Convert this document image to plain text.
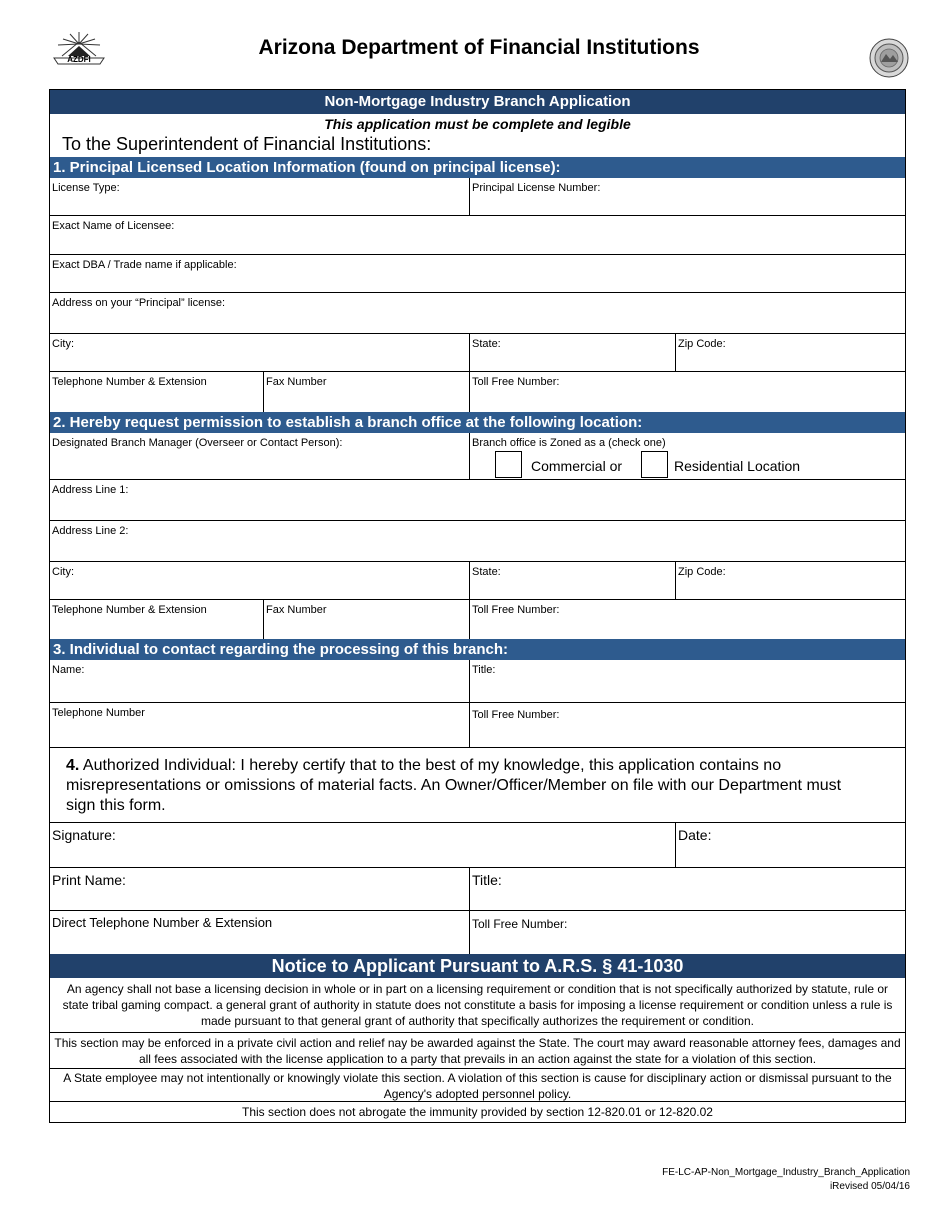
AZDFI
Arizona Department of Financial Institutions
Non-Mortgage Industry Branch Application
This application must be complete and legible
To the Superintendent of Financial Institutions:
1. Principal Licensed Location Information (found on principal license):
License Type:	Principal License Number:
Exact Name of Licensee:
Exact DBA / Trade name if applicable:
Address on your “Principal” license:
City:	State:	Zip Code:
Telephone Number & Extension	Fax Number	Toll Free Number:
2. Hereby request permission to establish a branch office at the following location:
Designated Branch Manager (Overseer or Contact Person):	Branch office is Zoned as a (check one)
Commercial or	Residential Location
Address Line 1:
Address Line 2:
City:	State:	Zip Code:
Telephone Number & Extension	Fax Number	Toll Free Number:
3. Individual to contact regarding the processing of this branch:
Name:	Title:
Telephone Number	Toll Free Number:
4. Authorized Individual: I hereby certify that to the best of my knowledge, this application contains no misrepresentations or omissions of material facts. An Owner/Officer/Member on file with our Department must sign this form.
Signature:	Date:
Print Name:	Title:
Direct Telephone Number & Extension	Toll Free Number:
Notice to Applicant Pursuant to A.R.S. § 41-1030
An agency shall not base a licensing decision in whole or in part on a licensing requirement or condition that is not specifically authorized by statute, rule or state tribal gaming compact. a general grant of authority in statute does not constitute a basis for imposing a license requirement or condition unless a rule is made pursuant to that general grant of authority that specifically authorizes the requirement or condition.
This section may be enforced in a private civil action and relief nay be awarded against the State. The court may award reasonable attorney fees, damages and all fees associated with the license application to a party that prevails in an action against the state for a violation of this section.
A State employee may not intentionally or knowingly violate this section. A violation of this section is cause for disciplinary action or dismissal pursuant to the Agency's adopted personnel policy.
This section does not abrogate the immunity provided by section 12-820.01 or 12-820.02
FE-LC-AP-Non_Mortgage_Industry_Branch_Application
iRevised 05/04/16
